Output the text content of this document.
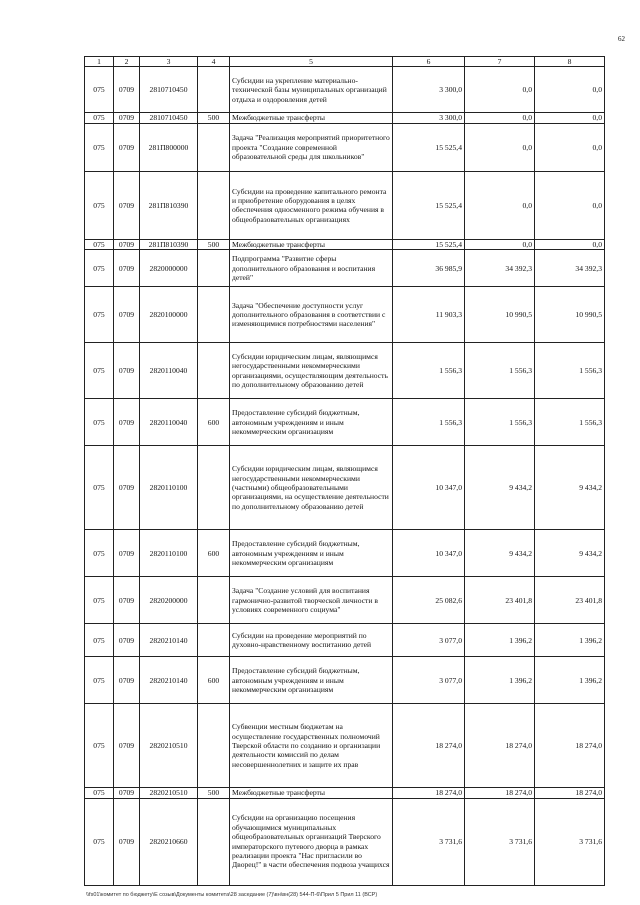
62
1	2	3	4	5	6	7	8
075	0709	2810710450		Субсидии на укрепление материально-технической базы муниципальных организаций отдыха и оздоровления детей	3 300,0	0,0	0,0
075	0709	2810710450	500	Межбюджетные трансферты	3 300,0	0,0	0,0
075	0709	281П800000		Задача "Реализация мероприятий приоритетного проекта "Создание современной образовательной среды для школьников"	15 525,4	0,0	0,0
075	0709	281П810390		Субсидии на проведение капитального ремонта и приобретение оборудования в целях обеспечения односменного режима обучения в общеобразовательных организациях	15 525,4	0,0	0,0
075	0709	281П810390	500	Межбюджетные трансферты	15 525,4	0,0	0,0
075	0709	2820000000		Подпрограмма "Развитие сферы дополнительного образования и воспитания детей"	36 985,9	34 392,3	34 392,3
075	0709	2820100000		Задача "Обеспечение доступности услуг дополнительного образования в соответствии с изменяющимися потребностями населения"	11 903,3	10 990,5	10 990,5
075	0709	2820110040		Субсидии юридическим лицам, являющимся негосударственными некоммерческими организациями, осуществляющим деятельность по дополнительному образованию детей	1 556,3	1 556,3	1 556,3
075	0709	2820110040	600	Предоставление субсидий бюджетным, автономным учреждениям и иным некоммерческим организациям	1 556,3	1 556,3	1 556,3
075	0709	2820110100		Субсидии юридическим лицам, являющимся негосударственными некоммерческими (частными) общеобразовательными организациями, на осуществление деятельности по дополнительному образованию детей	10 347,0	9 434,2	9 434,2
075	0709	2820110100	600	Предоставление субсидий бюджетным, автономным учреждениям и иным некоммерческим организациям	10 347,0	9 434,2	9 434,2
075	0709	2820200000		Задача "Создание условий для воспитания гармонично-развитой творческой личности в условиях современного социума"	25 082,6	23 401,8	23 401,8
075	0709	2820210140		Субсидии на проведение мероприятий по духовно-нравственному воспитанию детей	3 077,0	1 396,2	1 396,2
075	0709	2820210140	600	Предоставление субсидий бюджетным, автономным учреждениям и иным некоммерческим организациям	3 077,0	1 396,2	1 396,2
075	0709	2820210510		Субвенции местным бюджетам на осуществление государственных полномочий Тверской области по созданию и организации деятельности комиссий по делам несовершеннолетних и защите их прав	18 274,0	18 274,0	18 274,0
075	0709	2820210510	500	Межбюджетные трансферты	18 274,0	18 274,0	18 274,0
075	0709	2820210660		Субсидии на организацию посещения обучающимися муниципальных общеобразовательных организаций Тверского императорского путевого дворца в рамках реализации проекта "Нас пригласили во Дворец!" в части обеспечения подвоза учащихся	3 731,6	3 731,6	3 731,6
\\fs01\комитет по бюджету\Е созыв\Документы комитета\28 заседание (7)\вн\вн(28) 544-П-6\Прил 5 Прил 11 (ВСР)
